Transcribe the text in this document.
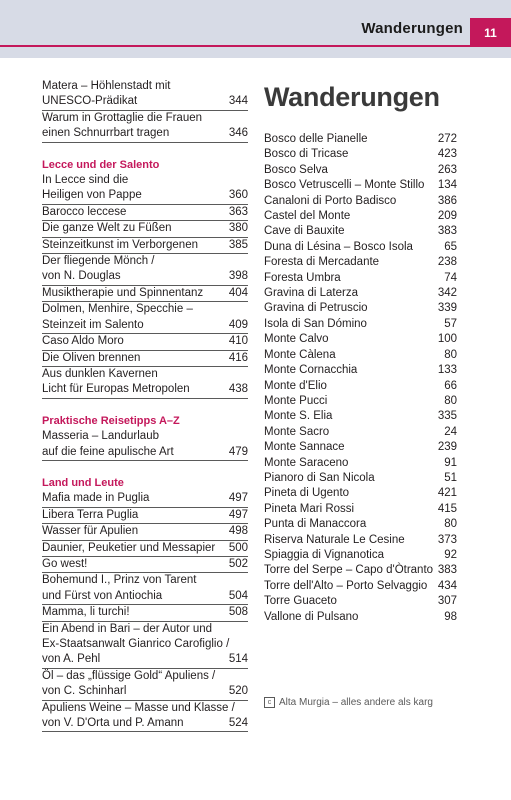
Wanderungen	11
Matera – Höhlenstadt mit
UNESCO-Prädikat	344
Warum in Grottaglie die Frauen
einen Schnurrbart tragen	346
Lecce und der Salento
In Lecce sind die
Heiligen von Pappe	360
Barocco leccese	363
Die ganze Welt zu Füßen	380
Steinzeitkunst im Verborgenen	385
Der fliegende Mönch /
von N. Douglas	398
Musiktherapie und Spinnentanz 404
Dolmen, Menhire, Specchie –
Steinzeit im Salento	409
Caso Aldo Moro	410
Die Oliven brennen	416
Aus dunklen Kavernen
Licht für Europas Metropolen	438
Praktische Reisetipps A–Z
Masseria – Landurlaub
auf die feine apulische Art	479
Land und Leute
Mafia made in Puglia	497
Libera Terra Puglia	497
Wasser für Apulien	498
Daunier, Peuketier und Messapier 500
Go west!	502
Bohemund I., Prinz von Tarent
und Fürst von Antiochia	504
Mamma, li turchi!	508
Ein Abend in Bari – der Autor und
Ex-Staatsanwalt Gianrico Carofiglio /
von A. Pehl	514
Öl – das „flüssige Gold“ Apuliens /
von C. Schinharl	520
Apuliens Weine – Masse und Klasse /
von V. D'Orta und P. Amann	524
Wanderungen
Bosco delle Pianelle	272
Bosco di Tricase	423
Bosco Selva	263
Bosco Vetruscelli – Monte Stillo 134
Canaloni di Porto Badisco	386
Castel del Monte	209
Cave di Bauxite	383
Duna di Lésina – Bosco Isola	65
Foresta di Mercadante	238
Foresta Umbra	74
Gravina di Laterza	342
Gravina di Petruscio	339
Isola di San Dómino	57
Monte Calvo	100
Monte Càlena	80
Monte Cornacchia	133
Monte d'Elio	66
Monte Pucci	80
Monte S. Elia	335
Monte Sacro	24
Monte Sannace	239
Monte Saraceno	91
Pianoro di San Nicola	51
Pineta di Ugento	421
Pineta Mari Rossi	415
Punta di Manaccora	80
Riserva Naturale Le Cesine	373
Spiaggia di Vignanotica	92
Torre del Serpe – Capo d'Òtranto 383
Torre dell'Alto – Porto Selvaggio 434
Torre Guaceto	307
Vallone di Pulsano	98
c Alta Murgia – alles andere als karg
